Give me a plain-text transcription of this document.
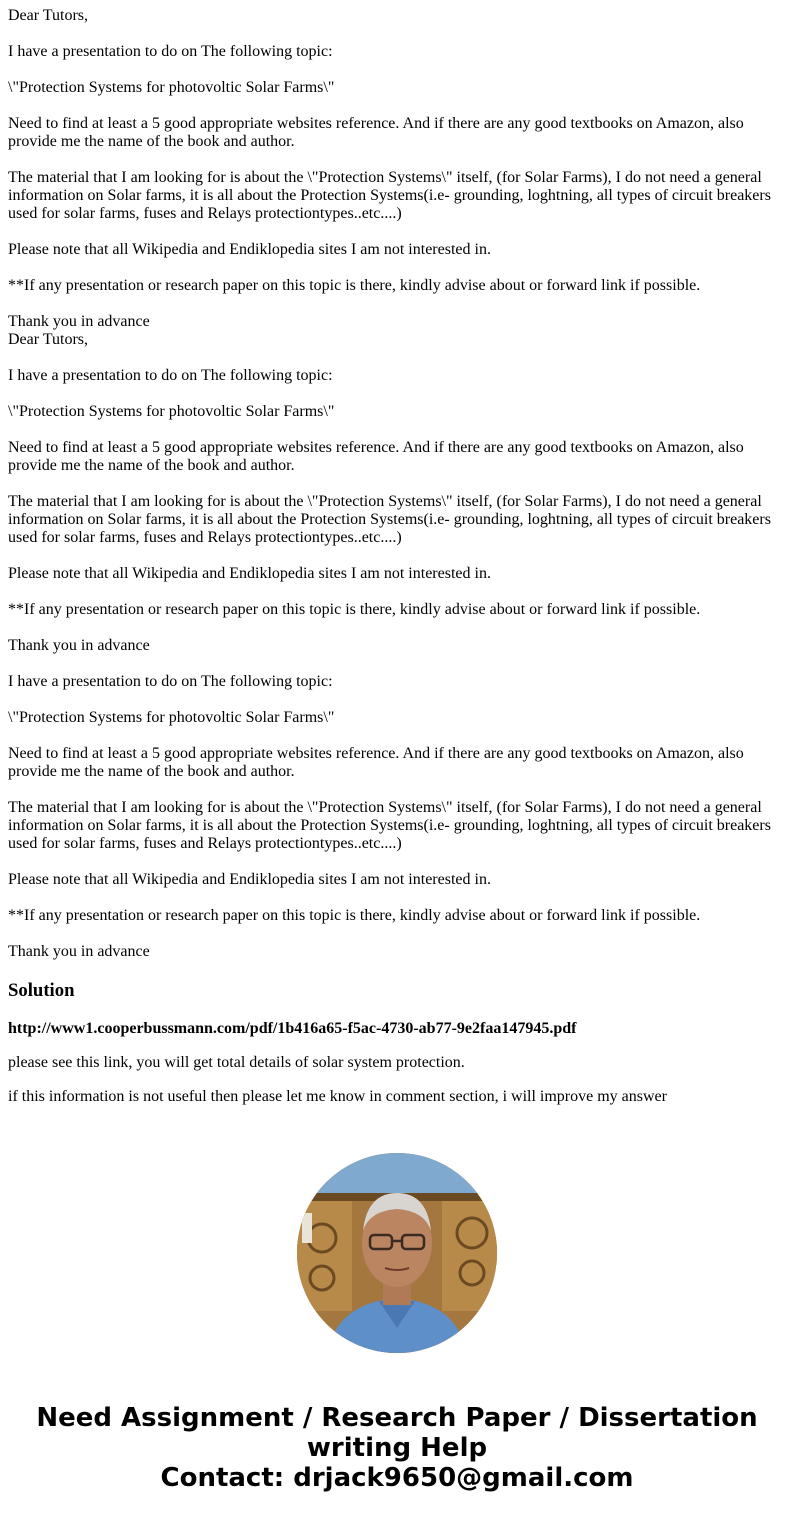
Dear Tutors,

I have a presentation to do on The following topic:

\"Protection Systems for photovoltic Solar Farms\"

Need to find at least a 5 good appropriate websites reference. And if there are any good textbooks on Amazon, also provide me the name of the book and author.

The material that I am looking for is about the \"Protection Systems\" itself, (for Solar Farms), I do not need a general information on Solar farms, it is all about the Protection Systems(i.e- grounding, loghtning, all types of circuit breakers used for solar farms, fuses and Relays protectiontypes..etc....)

Please note that all Wikipedia and Endiklopedia sites I am not interested in.

**If any presentation or research paper on this topic is there, kindly advise about or forward link if possible.

Thank you in advance

Dear Tutors,

I have a presentation to do on The following topic:

\"Protection Systems for photovoltic Solar Farms\"

Need to find at least a 5 good appropriate websites reference. And if there are any good textbooks on Amazon, also provide me the name of the book and author.

The material that I am looking for is about the \"Protection Systems\" itself, (for Solar Farms), I do not need a general information on Solar farms, it is all about the Protection Systems(i.e- grounding, loghtning, all types of circuit breakers used for solar farms, fuses and Relays protectiontypes..etc....)

Please note that all Wikipedia and Endiklopedia sites I am not interested in.

**If any presentation or research paper on this topic is there, kindly advise about or forward link if possible.

Thank you in advance

I have a presentation to do on The following topic:

\"Protection Systems for photovoltic Solar Farms\"

Need to find at least a 5 good appropriate websites reference. And if there are any good textbooks on Amazon, also provide me the name of the book and author.

The material that I am looking for is about the \"Protection Systems\" itself, (for Solar Farms), I do not need a general information on Solar farms, it is all about the Protection Systems(i.e- grounding, loghtning, all types of circuit breakers used for solar farms, fuses and Relays protectiontypes..etc....)

Please note that all Wikipedia and Endiklopedia sites I am not interested in.

**If any presentation or research paper on this topic is there, kindly advise about or forward link if possible.

Thank you in advance

Solution
http://www1.cooperbussmann.com/pdf/1b416a65-f5ac-4730-ab77-9e2faa147945.pdf

please see this link, you will get total details of solar system protection.

if this information is not useful then please let me know in comment section, i will improve my answer

Need Assignment / Research Paper / Dissertation
writing Help
Contact: drjack9650@gmail.com
